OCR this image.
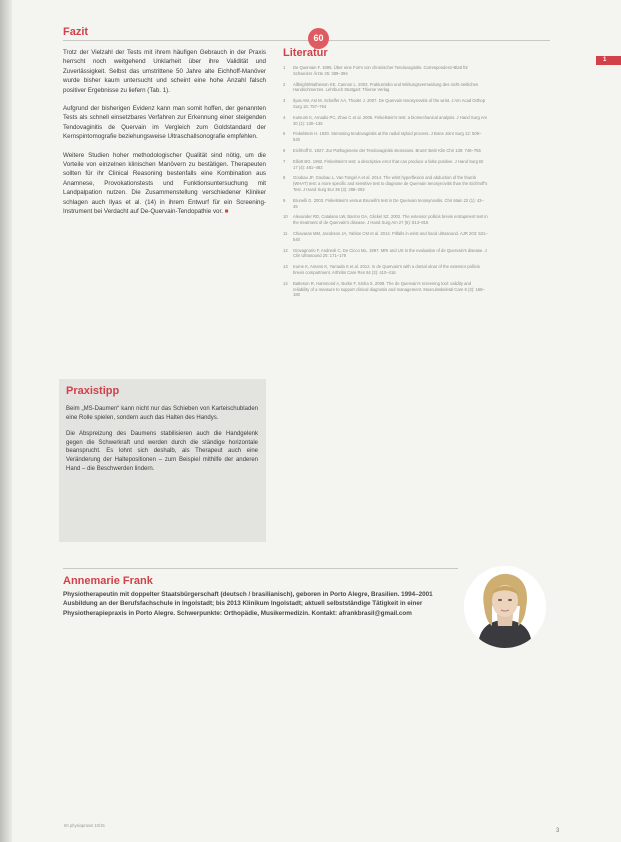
Fazit

Trotz der Vielzahl der Tests mit ihrem häufigen Gebrauch in der Praxis herrscht noch weitgehend Unklarheit über ihre Validität und Zuverlässigkeit. Selbst das umstrittene 50 Jahre alte Eichhoff-Manöver wurde bisher kaum untersucht und scheint eine hohe Anzahl falsch positiver Ergebnisse zu liefern (Tab. 1).

Aufgrund der bisherigen Evidenz kann man somit hoffen, der genannten Tests als schnell einsetzbares Verfahren zur Erkennung einer steigenden Tendovaginitis de Quervain im Vergleich zum Goldstandard der Kernspintomografie beziehungsweise Ultraschallsonografie empfehlen.

Weitere Studien hoher methodologischer Qualität sind nötig, um die Vorteile von einzelnen klinischen Manövern zu bestätigen. Therapeuten sollten für ihr Clinical Reasoning bestenfalls eine Kombination aus Anamnese, Provokationstests und Funktionsuntersuchung mit Landpalpation nutzen. Die Zusammenstellung verschiedener Kliniker schlagen auch Ilyas et al. (14) in ihrem Entwurf für ein Screening-Instrument bei Verdacht auf De-Quervain-Tendopathie vor. ■

Praxistipp

Beim „MS-Daumen“ kann nicht nur das Schieben von Karteischubladen eine Rolle spielen, sondern auch das Halten des Handys.

Die Abspreizung des Daumens stabilisieren auch die Handgelenk gegen die Schwerkraft und werden durch die ständige horizontale beansprucht. Es lohnt sich deshalb, als Therapeut auch eine Veränderung der Haltepositionen – zum Beispiel mithilfe der anderen Hand – die Beschwerden lindern.

60
Literatur
1 De Quervain F. 1895. Über eine Form von chronischer Tendovaginitis. Correspondenz-Blatt für Schweizer Ärzte 25: 389–394
2 Allbright/Mathieson KE, Cannon L. 2003. Frakturrisiko und Wirkungsvermeidung des nicht-zeitlichen Handschmerzes. Lehrbuch Stuttgart: Thieme Verlag
3 Ilyas AM, Ast M, Schaffer AA, Thoder J. 2007. De Quervain tenosynovitis of the wrist. J Am Acad Orthop Surg 15: 757–764
4 Kutsumi K, Amadio PC, Zhao C et al. 2005. Finkelstein's test: a biomechanical analysis. J Hand Surg Am 30 (1): 130–135
5 Finkelstein H. 1930. Stenosing tendovaginitis at the radial styloid process. J Bone Joint Surg 12: 509–540
6 Eichhoff E. 1927. Zur Pathogenese der Tendovaginitis stenosans. Bruns' Beitr Klin Chir 139: 746–755
7 Elliott BG. 1992. Finkelstein's test: a descriptive error that can produce a false positive. J Hand Surg Br 17 (4): 481–482
8 Goubau JF, Goubau L, Van Tongel A et al. 2014. The wrist hyperflexion and abduction of the thumb (WHAT) test: a more specific and sensitive test to diagnose de Quervain tenosynovitis than the Eichhoff's Test. J Hand Surg Eur 39 (3): 286–292
9 Brunelli G. 2003. Finkelstein's versus Brunelli's test in De Quervain tenosynovitis. Chir Main 22 (1): 43–45
10 Alexander RD, Catalano LW, Barron OA, Glickel SZ. 2002. The extensor pollicis brevis entrapment test in the treatment of de Quervain's disease. J Hand Surg Am 27 (5): 813–816
11 Chiavaras MM, Jacobson JA, Yablon CM et al. 2014. Pitfalls in wrist and hand ultrasound. AJR 203: 531–540
12 Giovagnorio F, Andreoli C, De Cicco ML. 1997. MRI and US in the evaluation of de Quervain's disease. J Clin Ultrasound 25: 171–176
13 Kume K, Amano K, Yamada S et al. 2012. In de Quervain's with a dorsal ulnar of the extensor pollicis brevis compartment. Arthritis Care Res 64 (3): 410–416
14 Batteson R, Hammond A, Burke F, Sinha S. 2008. The de Quervain's screening tool: validity and reliability of a measure to support clinical diagnosis and management. Musculoskeletal Care 6 (3): 168–180
1
Annemarie Frank
Physiotherapeutin mit doppelter Staatsbürgerschaft (deutsch / brasilianisch), geboren in Porto Alegre, Brasilien. 1994–2001 Ausbildung an der Berufsfachschule in Ingolstadt; bis 2013 Klinikum Ingolstadt; aktuell selbstständige Tätigkeit in einer Physiotherapiepraxis in Porto Alegre. Schwerpunkte: Orthopädie, Musikermedizin. Kontakt: afrankbrasil@gmail.com
60 physiopraxis 10/15
3
